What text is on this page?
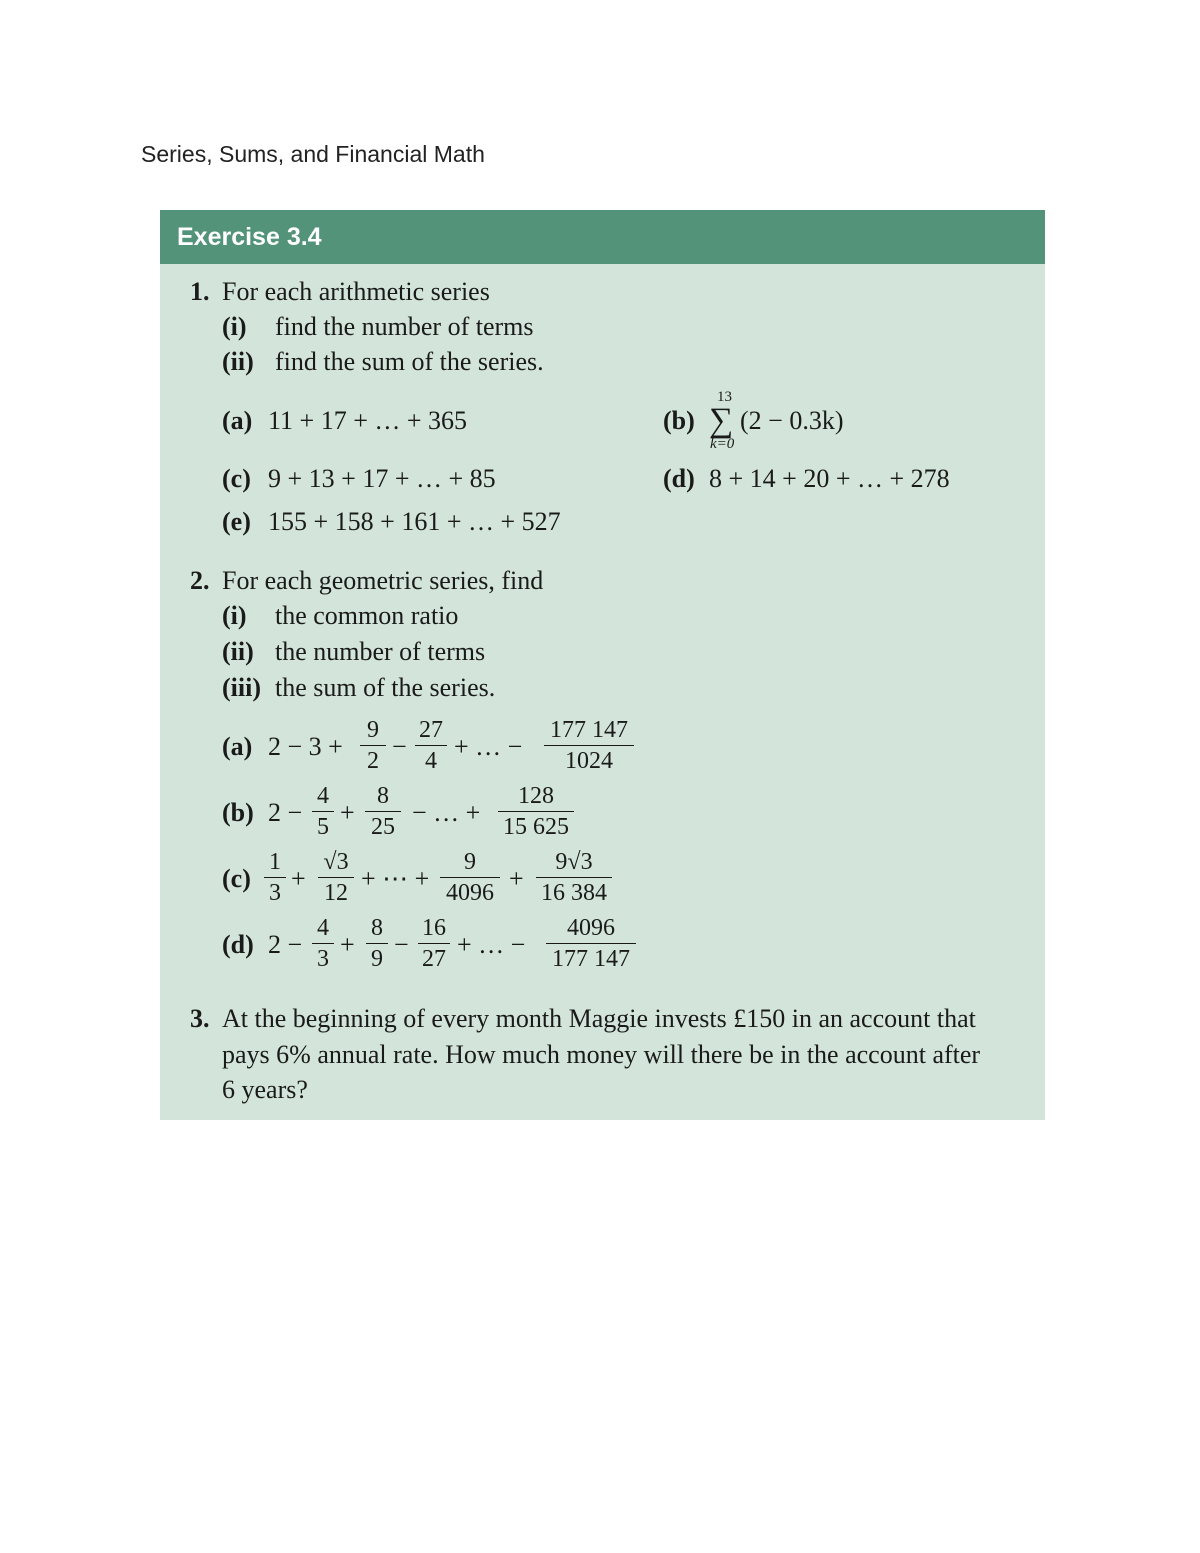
Series, Sums, and Financial Math
Exercise 3.4
1. For each arithmetic series
(i) find the number of terms
(ii) find the sum of the series.
(a) 11 + 17 + … + 365	(b)
13
∑
k=0
(2 − 0.3k)
(c) 9 + 13 + 17 + … + 85	(d) 8 + 14 + 20 + … + 278
(e) 155 + 158 + 161 + … + 527
2. For each geometric series, find
(i) the common ratio
(ii) the number of terms
(iii) the sum of the series.
(a) 2 − 3 +
9
2 −
27
4 + … −
177 147
1024
(b) 2 −
4
5 +
8
25 − … +
128
15 625
(c)
1
3 +
√3
12 + ⋯ +
9
4096 +
9√3
16 384
(d) 2 −
4
3 +
8
9 −
16
27 + … −
4096
177 147
3. At the beginning of every month Maggie invests £150 in an account that
pays 6% annual rate. How much money will there be in the account after
6 years?
